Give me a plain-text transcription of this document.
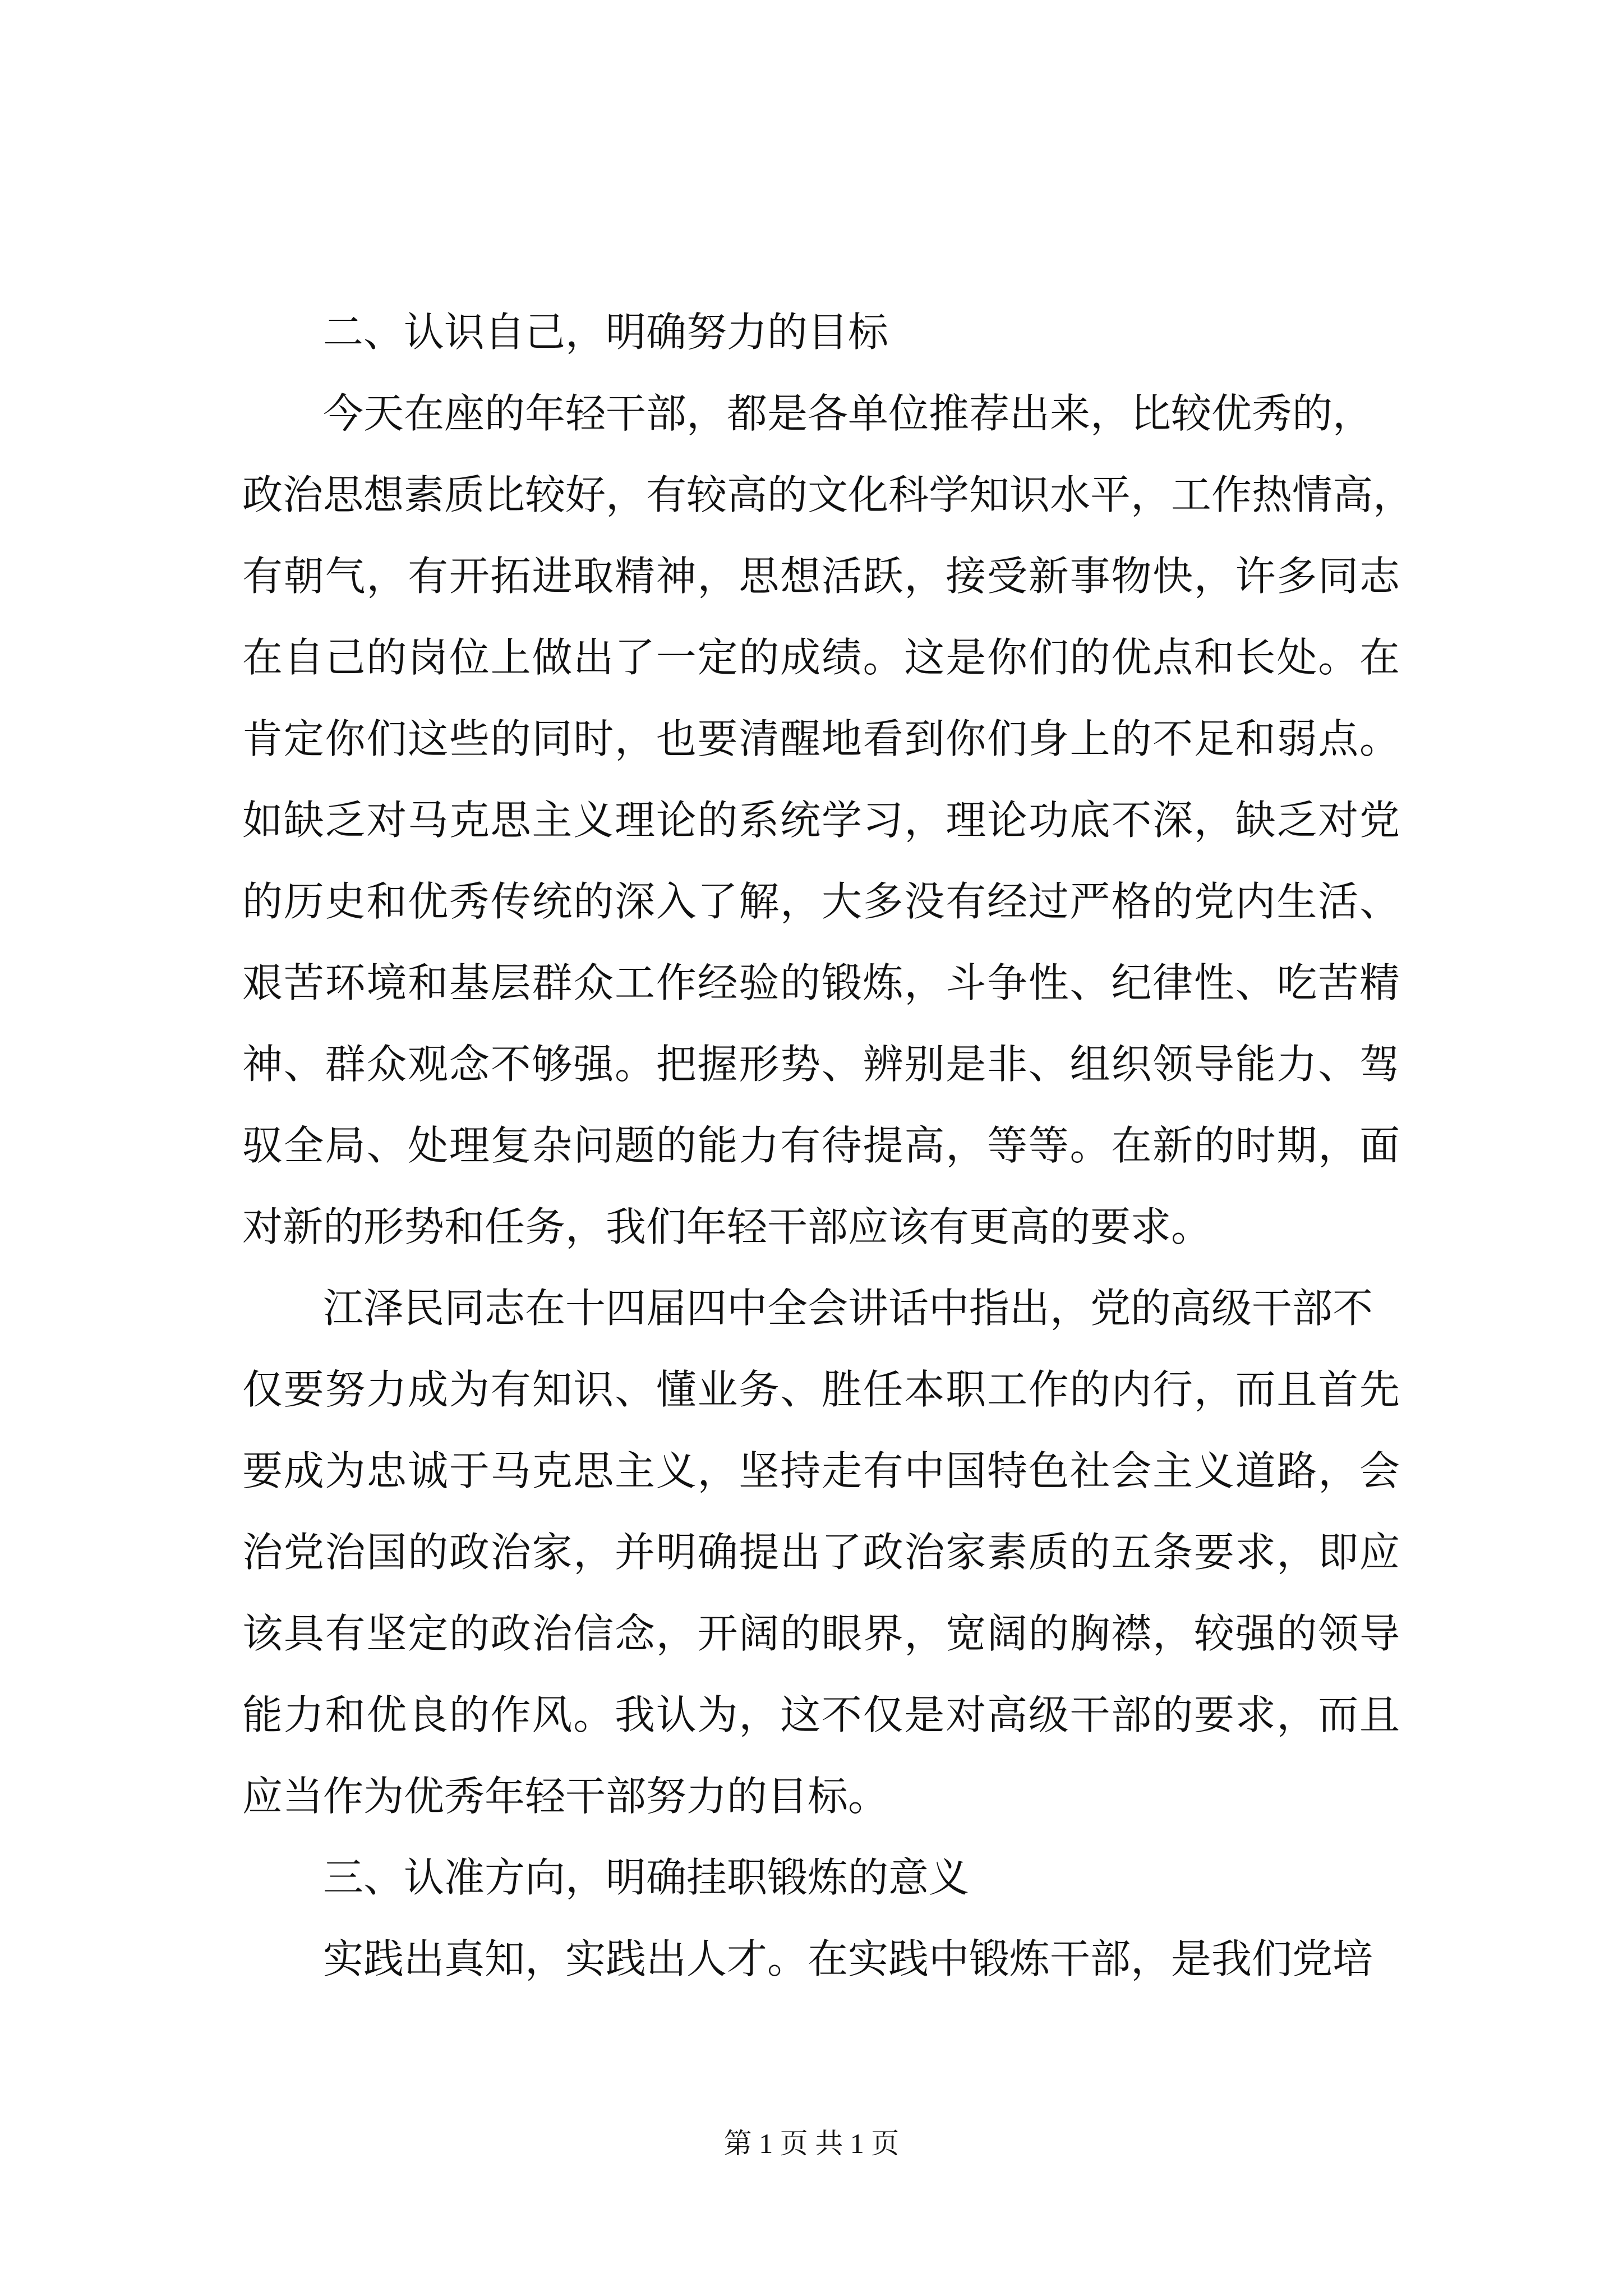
二、认识自己，明确努力的目标
今天在座的年轻干部，都是各单位推荐出来，比较优秀的，
政治思想素质比较好，有较高的文化科学知识水平，工作热情高，
有朝气，有开拓进取精神，思想活跃，接受新事物快，许多同志
在自己的岗位上做出了一定的成绩。这是你们的优点和长处。在
肯定你们这些的同时，也要清醒地看到你们身上的不足和弱点。
如缺乏对马克思主义理论的系统学习，理论功底不深，缺乏对党
的历史和优秀传统的深入了解，大多没有经过严格的党内生活、
艰苦环境和基层群众工作经验的锻炼，斗争性、纪律性、吃苦精
神、群众观念不够强。把握形势、辨别是非、组织领导能力、驾
驭全局、处理复杂问题的能力有待提高，等等。在新的时期，面
对新的形势和任务，我们年轻干部应该有更高的要求。
江泽民同志在十四届四中全会讲话中指出，党的高级干部不
仅要努力成为有知识、懂业务、胜任本职工作的内行，而且首先
要成为忠诚于马克思主义，坚持走有中国特色社会主义道路，会
治党治国的政治家，并明确提出了政治家素质的五条要求，即应
该具有坚定的政治信念，开阔的眼界，宽阔的胸襟，较强的领导
能力和优良的作风。我认为，这不仅是对高级干部的要求，而且
应当作为优秀年轻干部努力的目标。
三、认准方向，明确挂职锻炼的意义
实践出真知，实践出人才。在实践中锻炼干部，是我们党培
第 1 页 共 1 页
